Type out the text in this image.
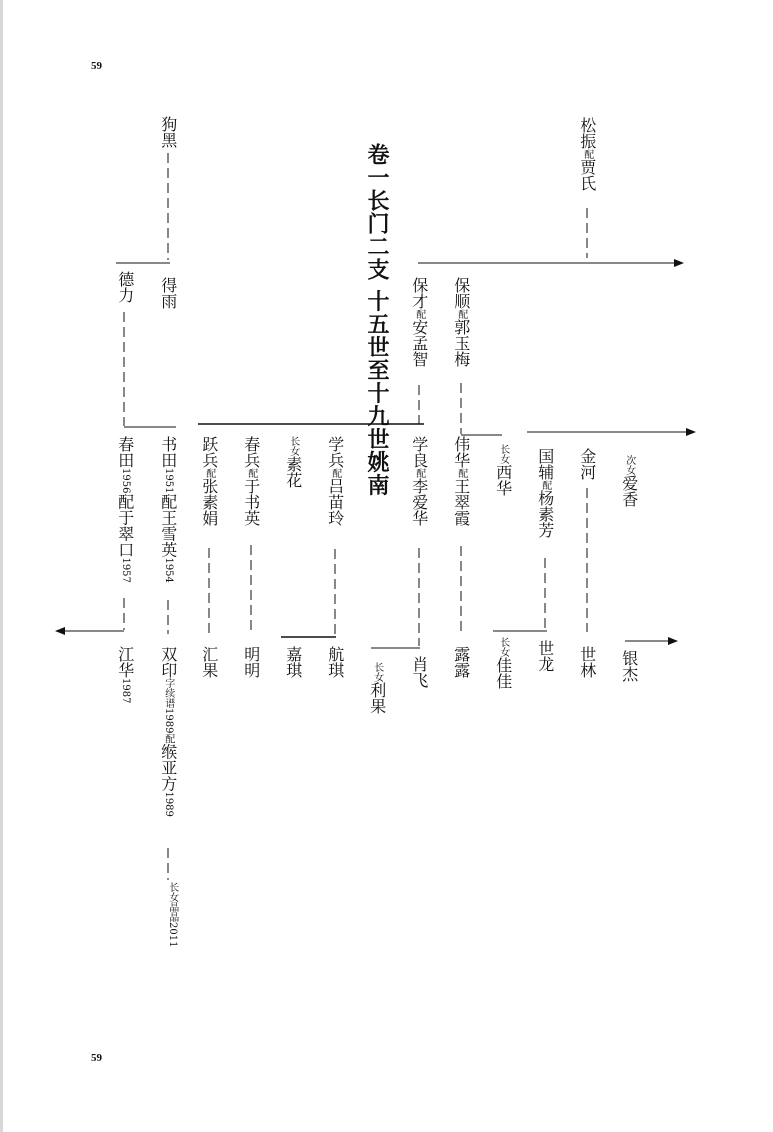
59
59
卷一长门二支 十五世至十九世姚南
松振配贾氏
狗黑
保才配安孟智
保顺配郭玉梅
德力 得雨
春田1956配于翠口1957
书田1951配王雪英1954
跃兵配张素娟
春兵配于书英
长女素花
学兵配吕苗玲
学良配李爱华
伟华配王翠霞
长女西华 国辅配杨素芳
金河	次女爱香
江华1987
双印字续谱1989配缑亚方1989
长女晶晶2011
汇果 明明 嘉琪 航琪	长女利果
肖飞 露露	长女佳佳
世龙 世林 银杰
